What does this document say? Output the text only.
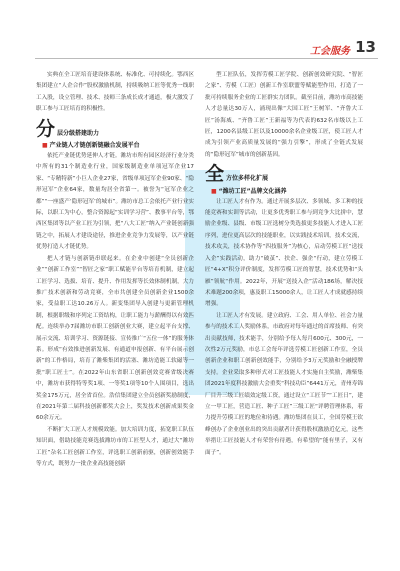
工会服务 13

实典在全工匠培育建设体系统、标准化、可持续化。鄂西区集团建立“人企合作”股权激励机制，持续吸纳工匠等优秀一线职工入股，设立管理、技术、技师三条成长成才通道，极大激发了职工参与工匠培育的积极性。

分 层分级搭建助力
■ 产业链人才链创新链融合发展平台

依托产业链优势延伸人才链。潍坊市所有园区经济行业分类中所有的31个制造业行业，国家级制造业单项冠军企业17家、“专精特新”小巨人企业27家，省级单项冠军企业90家、“隐形冠军”企业64家，数量均居全省第一。被誉为“冠军企业之都”“一座盛产‘隐形冠军’的城市”。潍坊市总工会依托产业行业实际，以职工为中心，整合资源起“实训学习营”、教事平台等，鄂西区集团等以产业工匠为引领，把“八大工匠”纳入产业链创新强链之中，拓展人才建设途径，推进企业竞争力发展等，以产业链优势打造人才链优势。

把人才链与创新链串联起来。在企业中创建“全员创新企业”“创新工作室”“智匠之家”职工赋能平台等培育机制，建立起工匠学习、选拔、培育、提升、作用发挥等长效体制机制，大力推广技术创新和劳动竞赛，全市共创建全员创新企业1500余家，受益职工达10.26万人。新变集团导入创建与更新管理机制，根据职级和序列定工资结构，让职工能力与薪酬得以有效匹配。连续举办7届潍坊市职工创新创业大赛，建立起平台支撑、展示交流、培训学习、资源链接、宣传推广“五位一体”的服务体系。形成“有效推进创新发展、有通道申报创新、有平台展示创新”的工作格局，培育了潍柴集团的活塞、潍坊造能工软磁等一批“职工匠士”。在2022年山东省职工创新创效竞赛省级决赛中，潍坊市获得特等奖1项、一等奖1项等10个人围项目，选出奖金175万元，居全省首位。浩信集团建立全员创新奖励制度，在2021年第二届科技创新都奖大会上，奖发技术创新成果奖金60余万元。

不断扩大工匠人才规模效能。加大培训力度，拓宽职工队伍知识面，借助技能竞赛选拔潍坊市的工匠型人才，通过大“潍坊工匠”杂名工匠创新工作室，评选职工创新前驱，创新创效能手等方式，既努力一批企业高技能创新

型工匠队伍，发挥劳模工匠学院、创新创效研究院、“智匠之家”、劳模（工匠）创新工作室联盟等赋能型作用，打造了一批可持续服务企业的工匠群实力团队。截至目前，潍坊市高技能人才总量达30万人，涌现出像“大国工匠”王树军、“齐鲁大工匠”汤海威、“齐鲁工匠”王新福等为代表的632名市级以上工匠，1200名县级工匠以及10000余名企业级工匠，使工匠人才成为引领产业高质量发展的“强力引擎”，形成了全链式发展的“隐形冠军”城市的创新基因。

全 方位多样化扩展
■ “潍坊工匠”品牌文化涵养

让工匠人才有作为。通过开展多层次、多领域、多工种的技能竞赛和实训等活动，让更多优秀职工参与到竞争大比拼中，慧励企业级、县级、市级工匠选树分类选拔更多技能人才进入工匠序列，进位更高层次的技能职业，以实践技术培训，技术交流，技术攻关，技术协作等“四技服务”为核心，启动劳模工匠“送技入企”实践活动，助力“破茧”、扶企、强企“行动，建立劳模工匠“4+X”积分评价制度，发挥劳模工匠的智慧，技术优势和“头雁”领航“作用。2022年，开展“送技入企”活动186场，解决技术难题200余项，惠及职工15000余人，让工匠人才成就感持续增强。

让工匠人才有发展。建立政府、工会、用人单位、社会力量参与的技术工人奖励体系，市政府对每年通过的首席技师、有突出贡献技师，技术能手，分别给予每人每月600元、300元，一次性2万元奖励，市总工会每年评选劳模工匠创新工作室，全员创新企业和职工创新创效能手，分别给予3万元奖励和全融授牌支持。企业采取多种形式对工匠技能人才实施自主奖励，潍柴集团2021年度科技激励大会重奖“科技功臣”6441万元，青州寿锦厂目升三级工匠绩效定级工资，通过设立“工匠节”“工匠日”，建立一甲工匠，营造工匠、种子工匠”三级工匠“评聘管理体系，着力提升劳模工匠的地位和待遇。潍坊集团在员工，全国劳模王钦峰创办了企业创业出的突出贡献者计获得股权激励近亿元，这些举措让工匠技能人才有荣誉有待遇，有希望的“能有里子，又有面子”。
